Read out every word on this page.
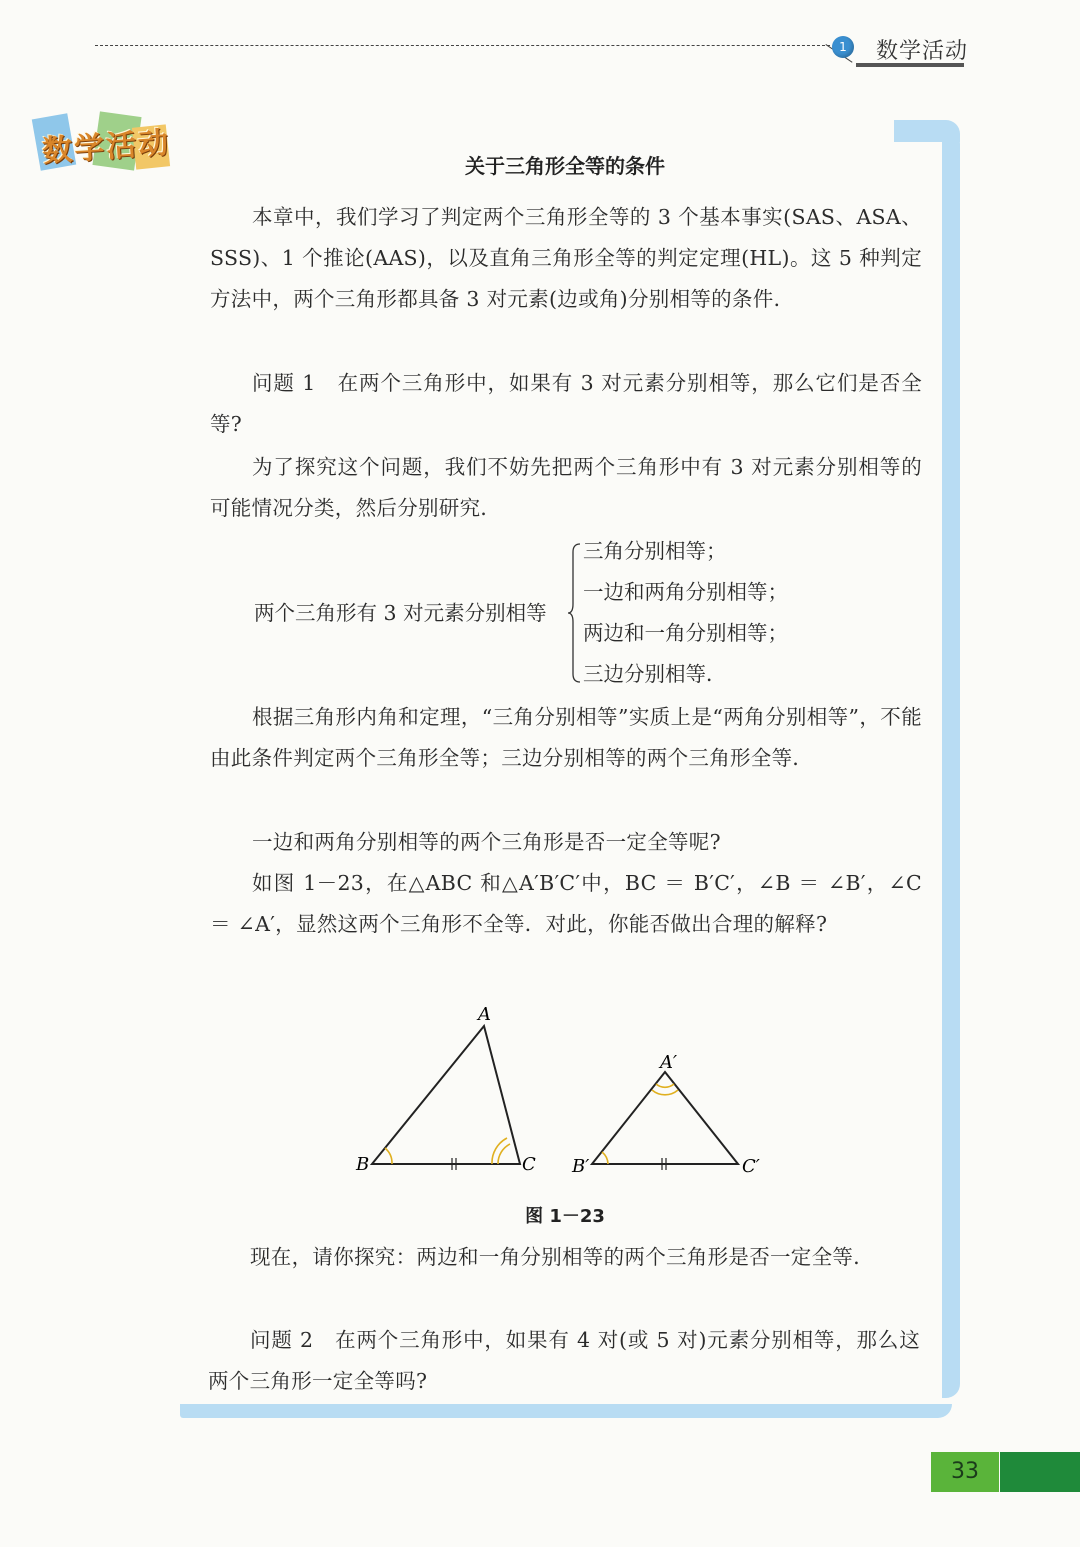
1	数学活动
数学活动	关于三角形全等的条件
本章中，我们学习了判定两个三角形全等的 3 个基本事实(SAS、ASA、SSS)、1 个推论(AAS)，以及直角三角形全等的判定定理(HL)。这 5 种判定方法中，两个三角形都具备 3 对元素(边或角)分别相等的条件．
问题 1　在两个三角形中，如果有 3 对元素分别相等，那么它们是否全等?
为了探究这个问题，我们不妨先把两个三角形中有 3 对元素分别相等的可能情况分类，然后分别研究．
两个三角形有 3 对元素分别相等
三角分别相等；
一边和两角分别相等；
两边和一角分别相等；
三边分别相等．
根据三角形内角和定理，“三角分别相等”实质上是“两角分别相等”，不能由此条件判定两个三角形全等；三边分别相等的两个三角形全等．
一边和两角分别相等的两个三角形是否一定全等呢?
如图 1－23，在△ABC 和△A′B′C′中，BC ＝ B′C′，∠B ＝ ∠B′，∠C ＝ ∠A′，显然这两个三角形不全等．对此，你能否做出合理的解释?
A
B	C
A′
B′	C′
图 1－23
现在，请你探究：两边和一角分别相等的两个三角形是否一定全等．
问题 2　在两个三角形中，如果有 4 对(或 5 对)元素分别相等，那么这两个三角形一定全等吗?
33
